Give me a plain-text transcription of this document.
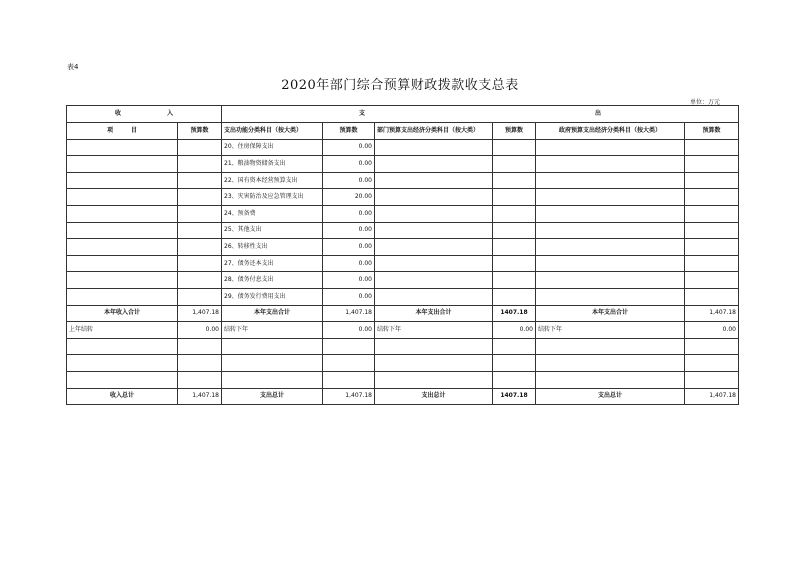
表4
2020年部门综合预算财政拨款收支总表
单位：万元
收 入		支 出					
项 目	预算数	支出功能分类科目（按大类）	预算数	部门预算支出经济分类科目（按大类）	预算数	政府预算支出经济分类科目（按大类）	预算数
		20、住房保障支出	0.00				
		21、粮油物资储备支出	0.00				
		22、国有资本经营预算支出	0.00				
		23、灾害防治及应急管理支出	20.00				
		24、预备费	0.00				
		25、其他支出	0.00				
		26、转移性支出	0.00				
		27、债务还本支出	0.00				
		28、债务付息支出	0.00				
		29、债务发行费用支出	0.00				
本年收入合计	1,407.18	本年支出合计	1,407.18	本年支出合计	1407.18	本年支出合计	1,407.18
上年结转	0.00	结转下年	0.00	结转下年	0.00	结转下年	0.00

收入总计	1,407.18	支出总计	1,407.18	支出总计	1407.18	支出总计	1,407.18
